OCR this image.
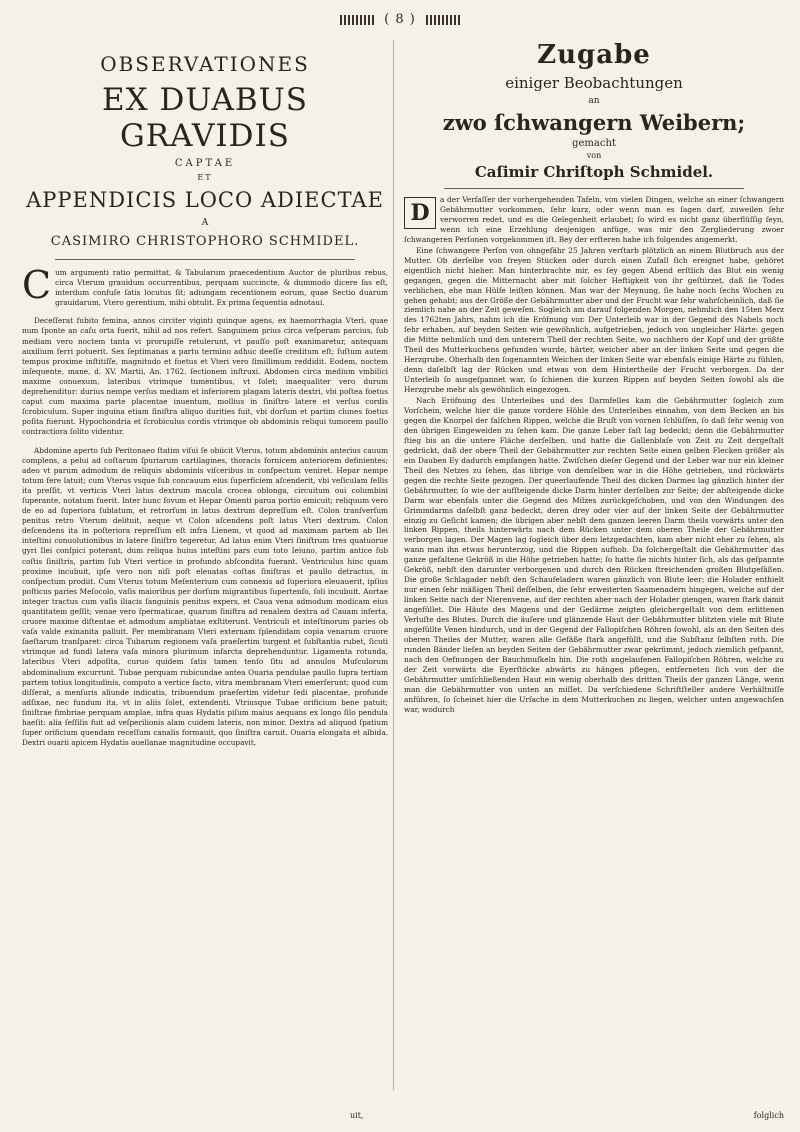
( 8 )
OBSERVATIONES
EX DUABUS GRAVIDIS
CAPTAE
ET
APPENDICIS LOCO ADIECTAE
A
CASIMIRO CHRISTOPHORO SCHMIDEL.

Cum argumenti ratio permittat, & Tabularum praecedentium Auctor de pluribus rebus, circa Vterum grauidum occurrentibus, perquam succinctе, & dummodo dicere fas eſt, interdum confuſe ſatis locutus ſit; adiungam recentionem eorum, quae Sectio duarum grauidarum, Vtero gerentium, mihi obtulit. Ex prima ſequentia adnotaui.

Deceſſerat fubito femina, annos circiter viginti quinque agens, ex haemorrhagia Vteri, quae num ſponte an caſu orta fuerit, nihil ad nos refert. Sanguinem prius circa veſperam parcius, ſub mediam vero noctem tanta vi prorupiſſe retulerunt, vt pauſſo poſt exanimaretur, antequam auxilium ferri potuerit. Sex ſeptimanas a partu termino adhuc deeſſe creditum eſt; ſuſtum autem tempus proxime inſtitiſſe, magnitudo et foetus et Vteri vero ſimillimum reddidit. Eodem, noctem inſequente, mane, d. XV. Martii, An. 1762. ſectionem inſtruxi. Abdomen circa medium vmbilici maxime conuexum, lateribus vtrimque tumentibus, vt ſolet; inaequaliter vero durum deprehenditur: durius nempe verſus mediam et inferiorem plagam lateris dextri, vbi poſtea foetus caput cum maxima parte placentae inuentum, mollius in ſiniſtro latere et verſus cordis ſcrobiculum. Super inguina etiam ſiniſtra aliquo durities fuit, vbi dorſum et partim clunes foetus poſita fuerunt. Hypochondria et ſcrobiculus cordis vtrimque ob abdominis reliqui tumorem paullo contractiora ſolito videntur.

Abdomine aperto ſub Peritonaeo ſtatim viſui ſe obiicit Vterus, totum abdominis anterius cauum complens, a pelui ad coſtarum ſpuriarum cartilagines, thoracis fornicem anteriorem definientes; adeo vt parum admodum de reliquis abdominis viſceribus in conſpectum veniret. Hepar nempe totum fere latuit; cum Vterus vsque ſub concauum eius ſuperficiem aſcenderit, vbi veſiculam fellis ita preſſit, vt verticis Vteri latus dextrum macula crocea oblonga, circuitum oui columbini ſuperante, notatum fuerit. Inter hunc fovum et Hepar Omenti parua portio emicuit; reliquum vero de eo ad ſuperiora ſublatum, et retrorſum in latus dextrum depreſſum eſt. Colon tranſverſum penitus retro Vterum delituit, aeque vt Colon aſcendens poſt latus Vteri dextrum. Colon deſcendens ita in poſteriora repreſſum eſt infra Lienem, vt quod ad maximam partem ab Ilei inteſtini conuolutionibus in latere ſiniſtro tegeretur. Ad latus enim Vteri ſiniſtrum tres quatuorue gyri Ilei conſpici poterant, dum reliqua huius inteſtini pars cum toto Ieiuno, partim antice ſub coſtis ſiniſtris, partim ſub Vteri vertice in profundo abſcondita fuerant. Ventriculus hinc quam proxime incubuit, ipſe vero non niſi poſt eleuatas coſtas ſiniſtras et paullo detractus, in conſpectum prodiit. Cum Vterus totum Meſenterium cum connexis ad ſuperiora eleuauerit, ipſius poſticus paries Meſocolo, vaſis maioribus per dorſum migrantibus ſupertenſo, ſoli incubuit. Aortae integer tractus cum vaſis iliacis ſanguinis penitus expers, et Caua vena admodum modicam eius quantitatem geſſit; venae vero ſpermaticae, quarum ſiniſtra ad renalem dextra ad Cauam inferta, cruore maxime diſtentae et admodum ampliatae exſtiterunt. Ventriculi et inteſtinorum paries ob vaſa valde exinanita palluit. Per membranam Vteri externam ſplendidam copia venarum cruore ſaeſtarum tranſparet: circa Tubarum regionem vaſa praeſertim turgent et ſubſtantia rubet, ſicuti vtrimque ad fundi latera vaſa minora plurimum infarcta deprehenduntur. Ligamenta rotunda, lateribus Vteri adpoſita, curuo quidem ſatis tamen tenſo ſitu ad annulos Muſculorum abdominalium excurrunt. Tubae perquam rubicundae antea Ouaria pendulae paullo ſupra tertiam partem totius longitudinis, computo a vertice facto, vitra membranam Vteri emerſerunt; quod cum diſſerat, a menſuris aliunde indicatis, tribuendum praeſertim videtur ſedi placentae, profunde adſixae, nec fundum ita, vt in aliis ſolet, extendenti. Vtriusque Tubae orificium bene patuit; ſiniſtrae fimbriae perquam amplae, infra quas Hydatis piſum maius aequans ex longo ſilo pendula haeſit: alia ſeſſilis fuit ad veſperilionis alam cuidem lateris, non minor. Dextra ad aliquod ſpatium ſuper orificium quendam receſſum canalis formauit, quo ſiniſtra caruit. Ouaria elongata et albida. Dextri ouarii apicem Hydatis auellanae magnitudine occupavit,

Zugabe
einiger Beobachtungen
an
zwo ſchwangern Weibern;
gemacht
von
Caſimir Chriſtoph Schmidel.

D
a der Verfaſſer der vorhergehenden Tafeln, von vielen Dingen, welche an einer ſchwangern Gebährmutter vorkommen, ſehr kurz, oder wenn man es ſagen darf, zuweilen ſehr verworren redet, und es die Gelegenheit erlaubet; ſo wird es nicht ganz überflüſſig ſeyn, wenn ich eine Erzehlung desjenigen anfüge, was mir den Zergliederung zwoer ſchwangeren Perſonen vorgekommen iſt. Bey der erſteren habe ich folgendes angemerkt.

Eine ſchwangere Perſon von ohngefähr 25 Jahren verſtarb plötzlich an einem Blutbruch aus der Mutter. Ob derſelbe von freyen Stücken oder durch einen Zufall ſich ereignet habe, gehöret eigentlich nicht hieher. Man hinterbrachte mir, es ſey gegen Abend erſtlich das Blut ein wenig gegangen, gegen die Mitternacht aber mit ſolcher Heftigkeit von ihr geſtürzet, daß ſie Todes verblichen, ehe man Hülfe leiſten können. Man war der Meynung, ſie habe noch ſechs Wochen zu gehen gehabt; aus der Größe der Gebährmutter aber und der Frucht war ſehr wahrſcheinlich, daß ſie ziemlich nahe an der Zeit geweſen. Sogleich am darauf folgenden Morgen, nehmlich den 15ten Merz des 1762ten Jahrs, nahm ich die Eröfnung vor. Der Unterleib war in der Gegend des Nabels noch ſehr erhaben, auf beyden Seiten wie gewöhnlich, aufgetrieben, jedoch von ungleicher Härte: gegen die Mitte nehmlich und den unterern Theil der rechten Seite, wo nachhero der Kopf und der größte Theil des Mutterkuchens gefunden wurde, härter, weicher aber an der linken Seite und gegen die Herzgrube. Oberhalb den ſogenannten Weichen der linken Seite war ebenfals einige Härte zu fühlen, denn daſelbſt lag der Rücken und etwas von dem Hintertheile der Frucht verborgen. Da der Unterleib ſo ausgeſpannet war, ſo ſchienen die kurzen Rippen auf beyden Seiten ſowohl als die Herzgrube mehr als gewöhnlich eingezogen.

Nach Eröfnung des Unterleibes und des Darmfelles kam die Gebährmutter ſogleich zum Vorſchein, welche hier die ganze vordere Höhle des Unterleibes einnahm, von dem Becken an bis gegen die Knorpel der falſchen Rippen, welche die Bruſt von vornen ſchlüſſen, ſo daß ſehr wenig von den übrigen Eingeweiden zu ſehen kam. Die ganze Leber faſt lag bedeckt; denn die Gebährmutter ſtieg bis an die untere Fläche derſelben, und hatte die Gallenblaſe von Zeit zu Zeit dergeſtalt gedrückt, daß der obere Theil der Gebährmutter zur rechten Seite einen gelben Flecken größer als ein Dauben Ey dadurch empfangen hatte. Zwiſchen dieſer Gegend und der Leber war nur ein kleiner Theil des Netzes zu ſehen, das übrige von demſelben war in die Höhe getrieben, und rückwärts gegen die rechte Seite gezogen. Der queerlaufende Theil des dicken Darmes lag gänzlich hinter der Gebährmutter, ſo wie der aufſteigende dicke Darm hinter derſelben zur Seite; der abſteigende dicke Darm war ebenfals unter die Gegend des Milzes zurückgeſchoben, und von den Windungen des Grimmdarms daſelbſt ganz bedeckt, deren drey oder vier auf der linken Seite der Gebährmutter einzig zu Geſicht kamen; die übrigen aber nebſt dem ganzen leeren Darm theils vorwärts unter den linken Rippen, theils hinterwärts nach dem Rücken unter dem oberen Theile der Gebährmutter verborgen lagen. Der Magen lag ſogleich über dem letzgedachten, kam aber nicht eher zu ſehen, als wann man ihn etwas herunterzog, und die Rippen aufhob. Da ſolchergeſtalt die Gebährmutter das ganze gefaltene Gekröß in die Höhe getrieben hatte; ſo hatte ſie nichts hinter ſich, als das geſpannte Gekröß, nebſt den darunter verborgenen und durch den Rücken ſtreichenden großen Blutgefäßen. Die große Schlagader nebſt den Schaufeladern waren gänzlich von Blute leer; die Holader enthielt nur einen ſehr mäßigen Theil deſſelben, die ſehr erweiterten Saamenadern hingegen, welche auf der linken Seite nach der Nierenvene, auf der rechten aber nach der Holader giengen, waren ſtark damit angefüllet. Die Häute des Magens und der Gedärme zeigten gleichergeſtalt von dem erlittenen Verluſte des Blutes. Durch die äuſere und glänzende Haut der Gebährmutter blitzten viele mit Blute angefüllte Venen hindurch, und in der Gegend der Fallopiſchen Röhren ſowohl, als an den Seiten des oberen Theiles der Mutter, waren alle Gefäße ſtark angefüllt, und die Subſtanz ſelbſten roth. Die runden Bänder lieſen an beyden Seiten der Gebährmutter zwar gekrümmt, jedoch ziemlich geſpannt, nach den Oefnungen der Bauchmuſkeln hin. Die roth angelaufenen Fallopiſchen Röhren, welche zu der Zeit vorwärts die Eyerſtöcke abwärts zu hängen pflegen, entferneten ſich von der die Gebährmutter umſchließenden Haut ein wenig oberhalb des dritten Theils der ganzen Länge, wenn man die Gebährmutter von unten an miſſet. Da verſchiedene Schriftſteller andere Verhältniſſe anführen, ſo ſcheinet hier die Urſache in dem Mutterkuchen zu liegen, welcher unten angewachſen war, wodurch

uit,	folglich
